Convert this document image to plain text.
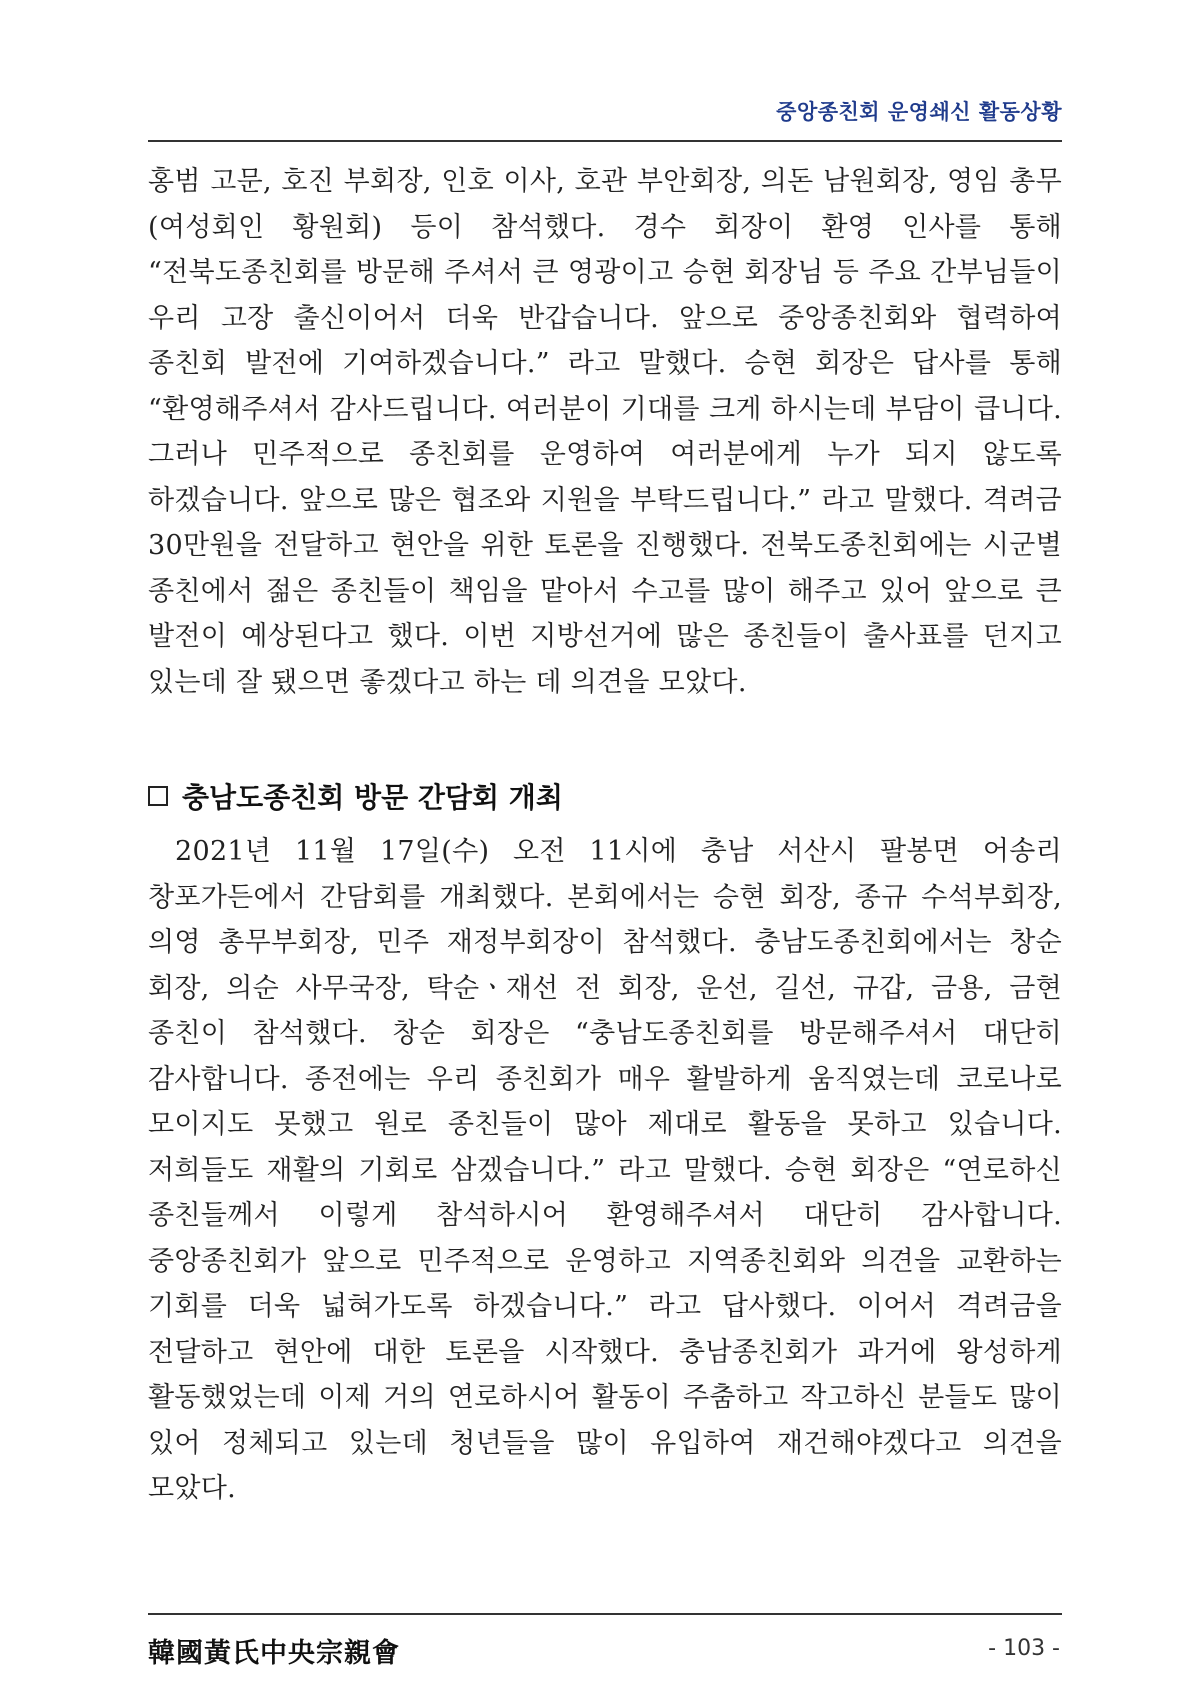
중앙종친회 운영쇄신 활동상황

홍범 고문, 호진 부회장, 인호 이사, 호관 부안회장, 의돈 남원회장, 영임 총무(여성회인 황원회) 등이 참석했다. 경수 회장이 환영 인사를 통해 “전북도종친회를 방문해 주셔서 큰 영광이고 승현 회장님 등 주요 간부님들이 우리 고장 출신이어서 더욱 반갑습니다. 앞으로 중앙종친회와 협력하여 종친회 발전에 기여하겠습니다.” 라고 말했다. 승현 회장은 답사를 통해 “환영해주셔서 감사드립니다. 여러분이 기대를 크게 하시는데 부담이 큽니다. 그러나 민주적으로 종친회를 운영하여 여러분에게 누가 되지 않도록 하겠습니다. 앞으로 많은 협조와 지원을 부탁드립니다.” 라고 말했다. 격려금 30만원을 전달하고 현안을 위한 토론을 진행했다. 전북도종친회에는 시군별 종친에서 젊은 종친들이 책임을 맡아서 수고를 많이 해주고 있어 앞으로 큰 발전이 예상된다고 했다. 이번 지방선거에 많은 종친들이 출사표를 던지고 있는데 잘 됐으면 좋겠다고 하는 데 의견을 모았다.

충남도종친회 방문 간담회 개최

2021년 11월 17일(수) 오전 11시에 충남 서산시 팔봉면 어송리 창포가든에서 간담회를 개최했다. 본회에서는 승현 회장, 종규 수석부회장, 의영 총무부회장, 민주 재정부회장이 참석했다. 충남도종친회에서는 창순 회장, 의순 사무국장, 탁순ㆍ재선 전 회장, 운선, 길선, 규갑, 금용, 금현 종친이 참석했다. 창순 회장은 “충남도종친회를 방문해주셔서 대단히 감사합니다. 종전에는 우리 종친회가 매우 활발하게 움직였는데 코로나로 모이지도 못했고 원로 종친들이 많아 제대로 활동을 못하고 있습니다. 저희들도 재활의 기회로 삼겠습니다.” 라고 말했다. 승현 회장은 “연로하신 종친들께서 이렇게 참석하시어 환영해주셔서 대단히 감사합니다. 중앙종친회가 앞으로 민주적으로 운영하고 지역종친회와 의견을 교환하는 기회를 더욱 넓혀가도록 하겠습니다.” 라고 답사했다. 이어서 격려금을 전달하고 현안에 대한 토론을 시작했다. 충남종친회가 과거에 왕성하게 활동했었는데 이제 거의 연로하시어 활동이 주춤하고 작고하신 분들도 많이 있어 정체되고 있는데 청년들을 많이 유입하여 재건해야겠다고 의견을 모았다.

韓國黃氏中央宗親會	- 103 -
